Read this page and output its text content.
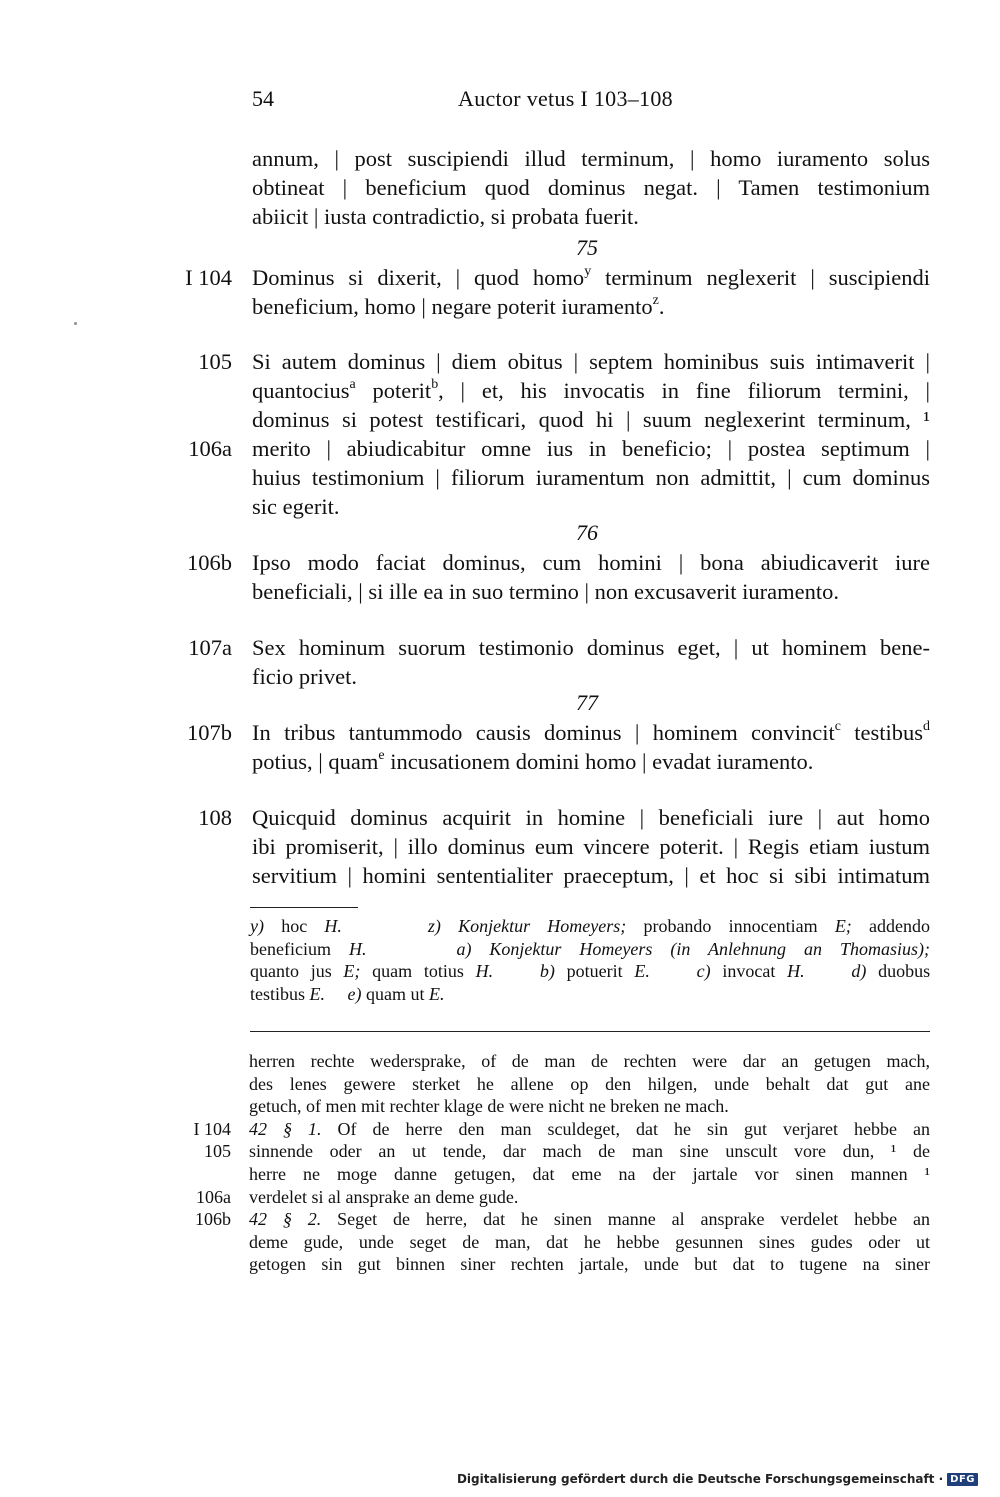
54	Auctor vetus I 103–108
annum, | post suscipiendi illud terminum, | homo iuramento solus
obtineat | beneficium quod dominus negat. | Tamen testimonium
abiicit | iusta contradictio, si probata fuerit.
75
I 104 Dominus si dixerit, | quod homo$^y$ terminum neglexerit | suscipiendi
beneficium, homo | negare poterit iuramento$^z$.
105 Si autem dominus | diem obitus | septem hominibus suis intimaverit |
quantocius$^a$ poterit$^b$, | et, his invocatis in fine filiorum termini, |
dominus si potest testificari, quod hi | suum neglexerint terminum, ¹
106a merito | abiudicabitur omne ius in beneficio; | postea septimum |
huius testimonium | filiorum iuramentum non admittit, | cum dominus
sic egerit.
76
106b Ipso modo faciat dominus, cum homini | bona abiudicaverit iure
beneficiali, | si ille ea in suo termino | non excusaverit iuramento.
107a Sex hominum suorum testimonio dominus eget, | ut hominem bene-
ficio privet.
77
107b In tribus tantummodo causis dominus | hominem convincit$^c$ testibus$^d$
potius, | quam$^e$ incusationem domini homo | evadat iuramento.
108 Quicquid dominus acquirit in homine | beneficiali iure | aut homo
ibi promiserit, | illo dominus eum vincere poterit. | Regis etiam iustum
servitium | homini sententialiter praeceptum, | et hoc si sibi intimatum
y) hoc H.	z) Konjektur Homeyers; probando innocentiam E; addendo
beneficium H.	a) Konjektur Homeyers (in Anlehnung an Thomasius);
quanto jus E; quam totius H.	b) potuerit E.	c) invocat H.	d) duobus
testibus E. e) quam ut E.
herren rechte wedersprake, of de man de rechten were dar an getugen mach,
des lenes gewere sterket he allene op den hilgen, unde behalt dat gut ane
getuch, of men mit rechter klage de were nicht ne breken ne mach.
I 104 42 § 1. Of de herre den man sculdeget, dat he sin gut verjaret hebbe an
105 sinnende oder an ut tende, dar mach de man sine unscult vore dun, ¹ de
herre ne moge danne getugen, dat eme na der jartale vor sinen mannen ¹
106a verdelet si al ansprake an deme gude.
106b 42 § 2. Seget de herre, dat he sinen manne al ansprake verdelet hebbe an
deme gude, unde seget de man, dat he hebbe gesunnen sines gudes oder ut
getogen sin gut binnen siner rechten jartale, unde but dat to tugene na siner
Digitalisierung gefördert durch die Deutsche Forschungsgemeinschaft · DFG
